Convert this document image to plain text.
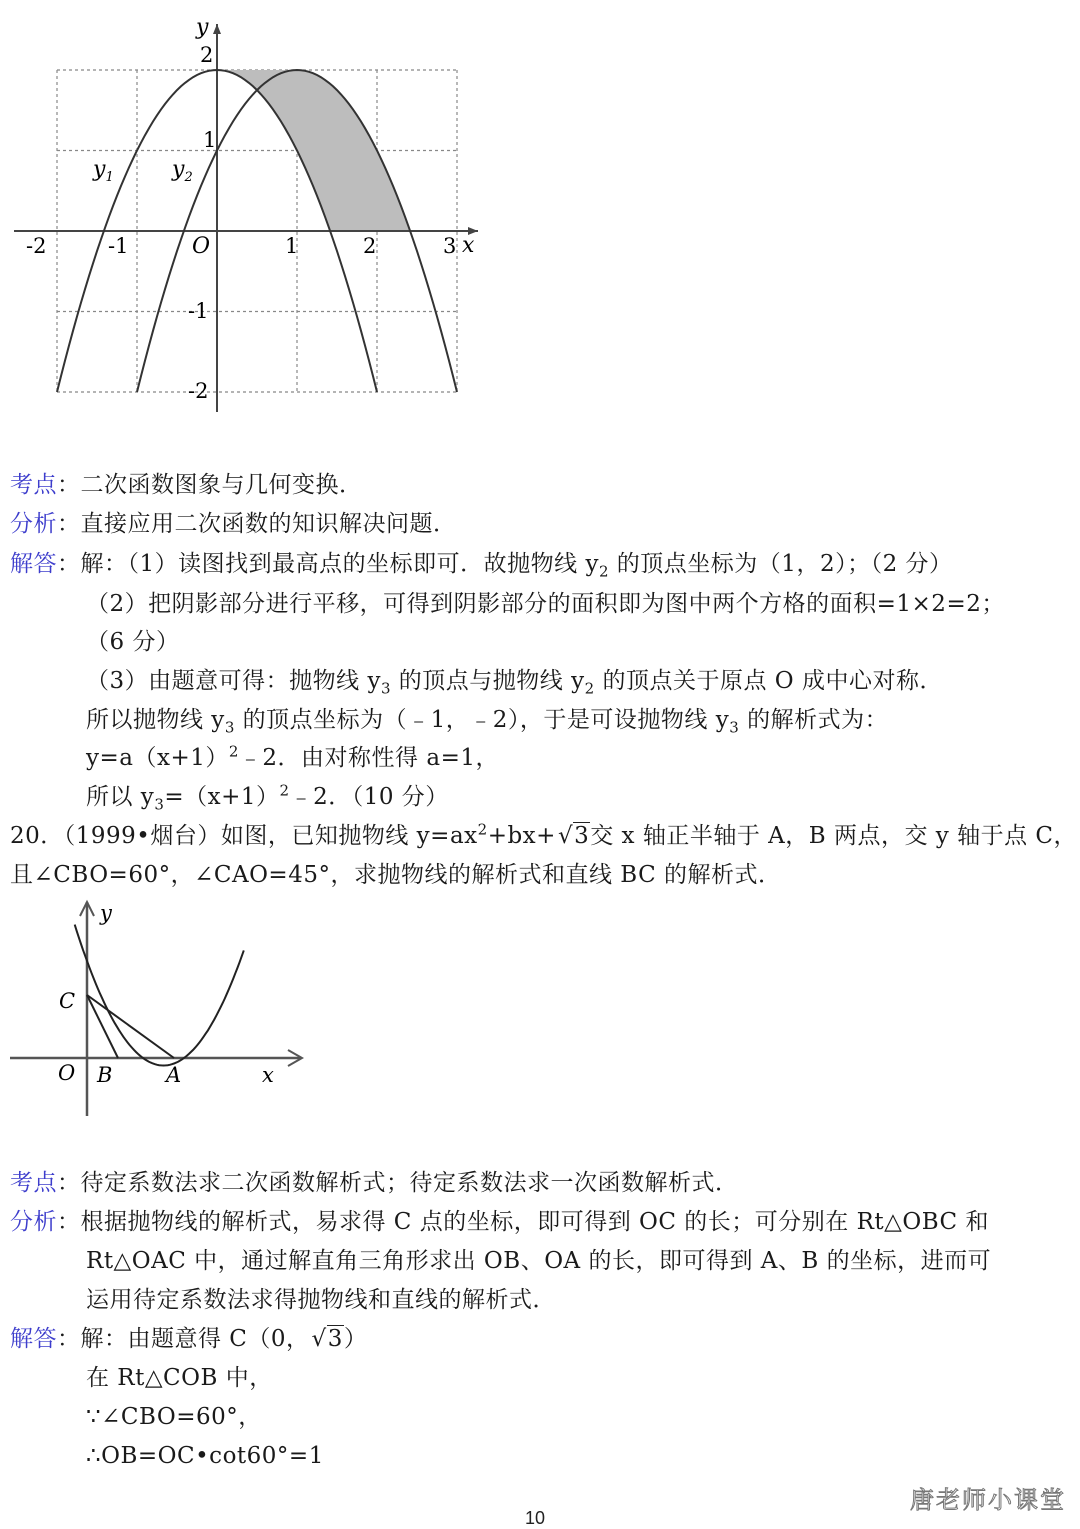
y
x
O
-2	-1	1	2	3
2
1
-1
-2
$y_1$	$y_2$
考点：二次函数图象与几何变换．
分析：直接应用二次函数的知识解决问题．
解答：解：（1）读图找到最高点的坐标即可．故抛物线 $y_2$ 的顶点坐标为（1，2）；（2 分）
（2）把阴影部分进行平移，可得到阴影部分的面积即为图中两个方格的面积=1×2=2；
（6 分）
（3）由题意可得：抛物线 $y_3$ 的顶点与抛物线 $y_2$ 的顶点关于原点 O 成中心对称．
所以抛物线 $y_3$ 的顶点坐标为（﹣1，﹣2），于是可设抛物线 $y_3$ 的解析式为：
$y=a(x+1)^2﹣2$．由对称性得 a=1，
所以 $y_3=(x+1)^2﹣2$．（10 分）
20．（1999•烟台）如图，已知抛物线 $y=ax^2+bx+√3$交 x 轴正半轴于 A，B 两点，交 y 轴于点 C，
且∠CBO=60°，∠CAO=45°，求抛物线的解析式和直线 BC 的解析式．
y
x
O B	A
C
考点：待定系数法求二次函数解析式；待定系数法求一次函数解析式．
分析：根据抛物线的解析式，易求得 C 点的坐标，即可得到 OC 的长；可分别在 Rt△OBC 和
Rt△OAC 中，通过解直角三角形求出 OB、OA 的长，即可得到 A、B 的坐标，进而可
运用待定系数法求得抛物线和直线的解析式．
解答：解：由题意得 C（0，√3）
在 Rt△COB 中，
∵∠CBO=60°，
∴OB=OC•cot60°=1
唐老师小课堂
10
